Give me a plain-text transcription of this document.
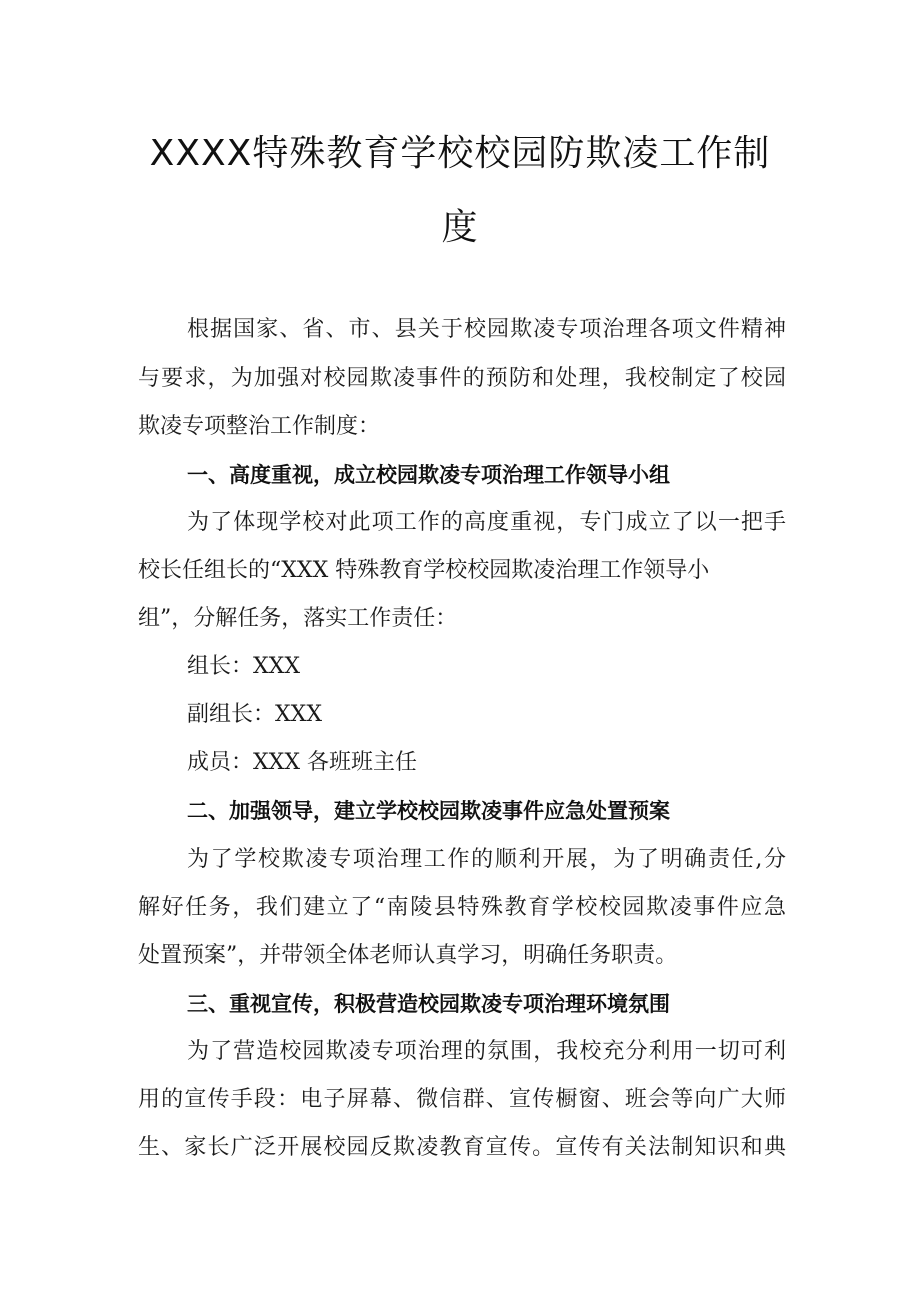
XXXX特殊教育学校校园防欺凌工作制
度
根据国家、省、市、县关于校园欺凌专项治理各项文件精神
与要求，为加强对校园欺凌事件的预防和处理，我校制定了校园
欺凌专项整治工作制度：
一、高度重视，成立校园欺凌专项治理工作领导小组
为了体现学校对此项工作的高度重视，专门成立了以一把手
校长任组长的“XXX 特殊教育学校校园欺凌治理工作领导小
组”，分解任务，落实工作责任：
组长：XXX
副组长：XXX
成员：XXX 各班班主任
二、加强领导，建立学校校园欺凌事件应急处置预案
为了学校欺凌专项治理工作的顺利开展，为了明确责任,分
解好任务，我们建立了“南陵县特殊教育学校校园欺凌事件应急
处置预案”，并带领全体老师认真学习，明确任务职责。
三、重视宣传，积极营造校园欺凌专项治理环境氛围
为了营造校园欺凌专项治理的氛围，我校充分利用一切可利
用的宣传手段：电子屏幕、微信群、宣传橱窗、班会等向广大师
生、家长广泛开展校园反欺凌教育宣传。宣传有关法制知识和典
